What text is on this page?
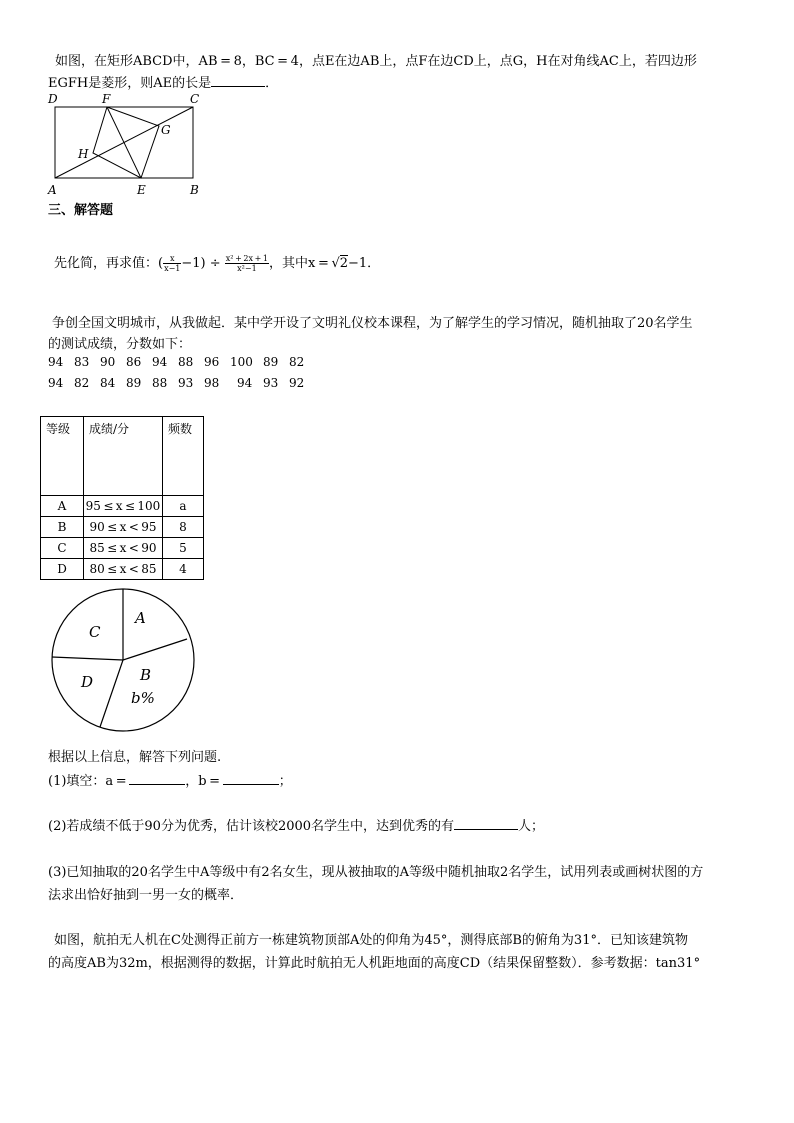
如图，在矩形ABCD中，AB = 8，BC = 4，点E在边AB上，点F在边CD上，点G，H在对角线AC上，若四边形
EGFH是菱形，则AE的长是	．
A	B
C
D
E
F
G
H
三、解答题
先化简，再求值：( $\frac{x}{x-1} -1) \div \frac{\text{x² + 2x + 1}}{\text{x²−1}}$ ，其中x = √2−1．
争创全国文明城市，从我做起．某中学开设了文明礼仪校本课程，为了解学生的学习情况，随机抽取了20名学生
的测试成绩，分数如下：
94 83 90 86 94 88 96 100 89 82
94 82 84 89 88 93 98 94 93 92
等级	成绩/分	频数
A	95 ≤ x ≤ 100	a
B	90 ≤ x < 95	8
C	85 ≤ x < 90	5
D	80 ≤ x < 85	4
A
C
D	B
b%
根据以上信息，解答下列问题.
(1)填空：a = 	，b = 	；
(2)若成绩不低于90分为优秀，估计该校2000名学生中，达到优秀的有	人；
(3)已知抽取的20名学生中A等级中有2名女生，现从被抽取的A等级中随机抽取2名学生，试用列表或画树状图的方
法求出恰好抽到一男一女的概率．
如图，航拍无人机在C处测得正前方一栋建筑物顶部A处的仰角为45°，测得底部B的俯角为31°．已知该建筑物
的高度AB为32m，根据测得的数据，计算此时航拍无人机距地面的高度CD（结果保留整数）．参考数据：tan31°
